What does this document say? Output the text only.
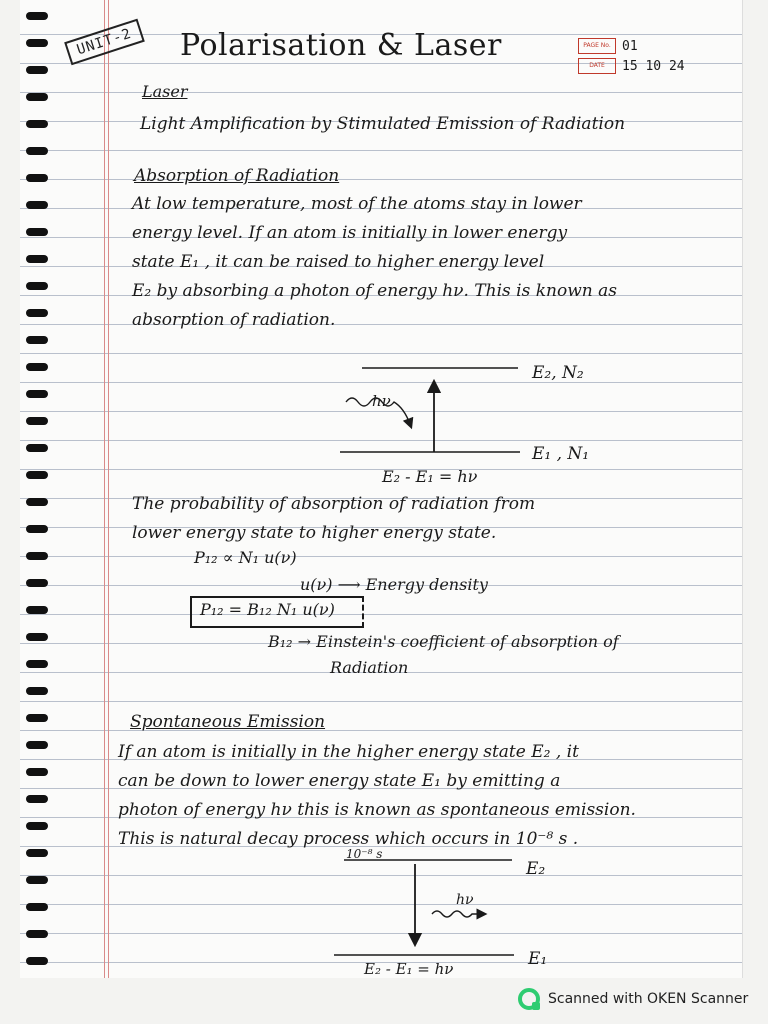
UNIT-2	Polarisation & Laser	PAGE No. 01
DATE	15 10 24
Laser
Light Amplification by Stimulated Emission of Radiation
Absorption of Radiation
At low temperature, most of the atoms stay in lower
energy level. If an atom is initially in lower energy
state E₁ , it can be raised to higher energy level
E₂ by absorbing a photon of energy hν. This is known as
absorption of radiation.
E₂, N₂
E₁ , N₁
hν
E₂ - E₁ = hν
10⁻⁸ s
E₂
E₁
hν
E₂ - E₁ = hν
The probability of absorption of radiation from
lower energy state to higher energy state.
P₁₂ ∝ N₁ u(ν)
u(ν) ⟶ Energy density
P₁₂ = B₁₂ N₁ u(ν)
B₁₂ → Einstein's coefficient of absorption of
Radiation
Spontaneous Emission
If an atom is initially in the higher energy state E₂ , it
can be down to lower energy state E₁ by emitting a
photon of energy hν this is known as spontaneous emission.
This is natural decay process which occurs in 10⁻⁸ s .
Scanned with OKEN Scanner
